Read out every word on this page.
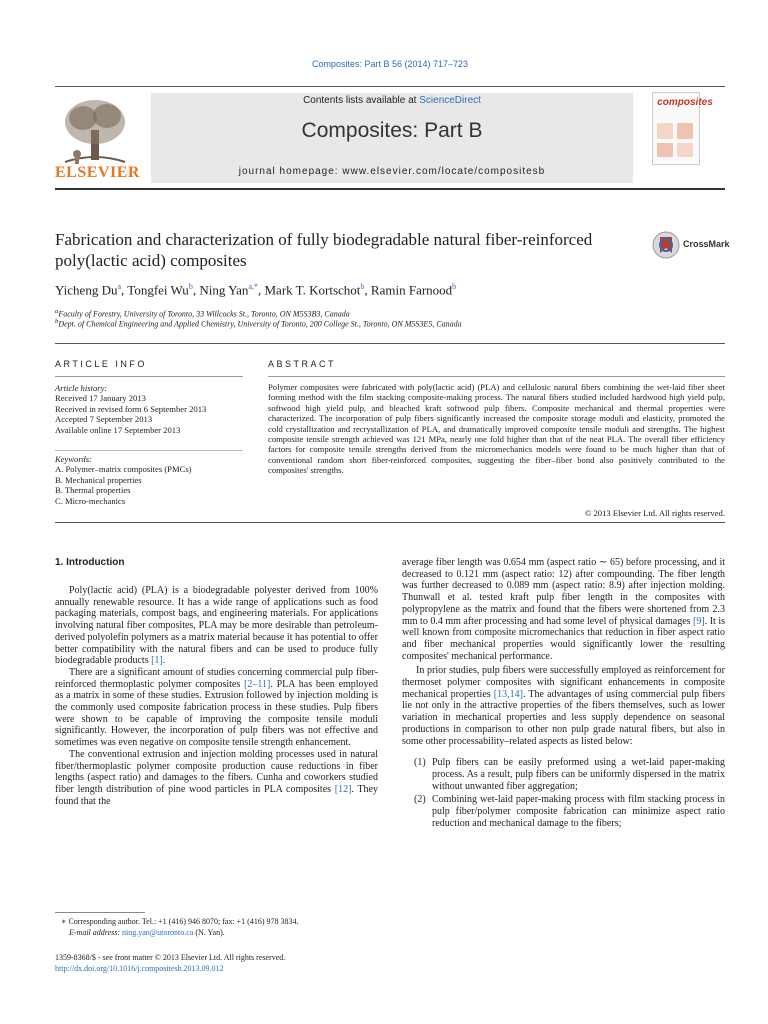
Composites: Part B 56 (2014) 717–723
ELSEVIER
Contents lists available at ScienceDirect
Composites: Part B
journal homepage: www.elsevier.com/locate/compositesb
composites
Fabrication and characterization of fully biodegradable natural fiber-reinforced poly(lactic acid) composites
CrossMark
Yicheng Du$^a$, Tongfei Wu$^b$, Ning Yan$^{a,*}$, Mark T. Kortschot$^b$, Ramin Farnood$^b$
$^a$Faculty of Forestry, University of Toronto, 33 Willcocks St., Toronto, ON M5S3B3, Canada
$^b$Dept. of Chemical Engineering and Applied Chemistry, University of Toronto, 200 College St., Toronto, ON M5S3E5, Canada
ARTICLE INFO	ABSTRACT
Article history:
Received 17 January 2013
Received in revised form 6 September 2013
Accepted 7 September 2013
Available online 17 September 2013
Keywords:
A. Polymer–matrix composites (PMCs)
B. Mechanical properties
B. Thermal properties
C. Micro-mechanics
Polymer composites were fabricated with poly(lactic acid) (PLA) and cellulosic natural fibers combining the wet-laid fiber sheet forming method with the film stacking composite-making process. The natural fibers studied included hardwood high yield pulp, softwood high yield pulp, and bleached kraft softwood pulp fibers. Composite mechanical and thermal properties were characterized. The incorporation of pulp fibers significantly increased the composite storage moduli and elasticity, promoted the cold crystallization and recrystallization of PLA, and dramatically improved composite tensile moduli and strengths. The highest composite tensile strength achieved was 121 MPa, nearly one fold higher than that of the neat PLA. The overall fiber efficiency factors for composite tensile strengths derived from the micromechanics models were found to be much higher than that of conventional random short fiber-reinforced composites, suggesting the fiber–fiber bond also positively contributed to the composites' strengths.
© 2013 Elsevier Ltd. All rights reserved.
1. Introduction

Poly(lactic acid) (PLA) is a biodegradable polyester derived from 100% annually renewable resource. It has a wide range of applications such as food packaging materials, compost bags, and engineering materials. For applications involving natural fiber composites, PLA may be more desirable than petroleum-derived polyolefin polymers as a matrix material because it has potential to offer better compatibility with the natural fibers and can be used to produce fully biodegradable products [1].

There are a significant amount of studies concerning commercial pulp fiber-reinforced thermoplastic polymer composites [2–11]. PLA has been employed as a matrix in some of these studies. Extrusion followed by injection molding is the commonly used composite fabrication process in these studies. Pulp fibers were shown to be capable of improving the composite tensile moduli significantly. However, the incorporation of pulp fibers was not effective and sometimes was even negative on composite tensile strength enhancement.

The conventional extrusion and injection molding processes used in natural fiber/thermoplastic polymer composite production cause reductions in fiber lengths (aspect ratio) and damages to the fibers. Cunha and coworkers studied fiber length distribution of pine wood particles in PLA composites [12]. They found that the

average fiber length was 0.654 mm (aspect ratio ∼ 65) before processing, and it decreased to 0.121 mm (aspect ratio: 12) after compounding. The fiber length was further decreased to 0.089 mm (aspect ratio: 8.9) after injection molding. Thunwall et al. tested kraft pulp fiber length in the composites with polypropylene as the matrix and found that the fibers were shortened from 2.3 mm to 0.4 mm after processing and had some level of physical damages [9]. It is well known from composite micromechanics that reduction in fiber aspect ratio and fiber mechanical properties would significantly lower the resulting composites' mechanical performance.

In prior studies, pulp fibers were successfully employed as reinforcement for thermoset polymer composites with significant enhancements in composite mechanical properties [13,14]. The advantages of using commercial pulp fibers lie not only in the attractive properties of the fibers themselves, such as lower variation in mechanical properties and less supply dependence on seasonal productions in comparison to other non pulp grade natural fibers, but also in some other processability–related aspects as listed below:

(1) Pulp fibers can be easily preformed using a wet-laid paper-making process. As a result, pulp fibers can be uniformly dispersed in the matrix without unwanted fiber aggregation;
(2) Combining wet-laid paper-making process with film stacking process in pulp fiber/polymer composite fabrication can minimize aspect ratio reduction and mechanical damage to the fibers;
∗ Corresponding author. Tel.: +1 (416) 946 8070; fax: +1 (416) 978 3834.
E-mail address: ning.yan@utoronto.ca (N. Yan).
1359-8368/$ - see front matter © 2013 Elsevier Ltd. All rights reserved.
http://dx.doi.org/10.1016/j.compositesb.2013.09.012
